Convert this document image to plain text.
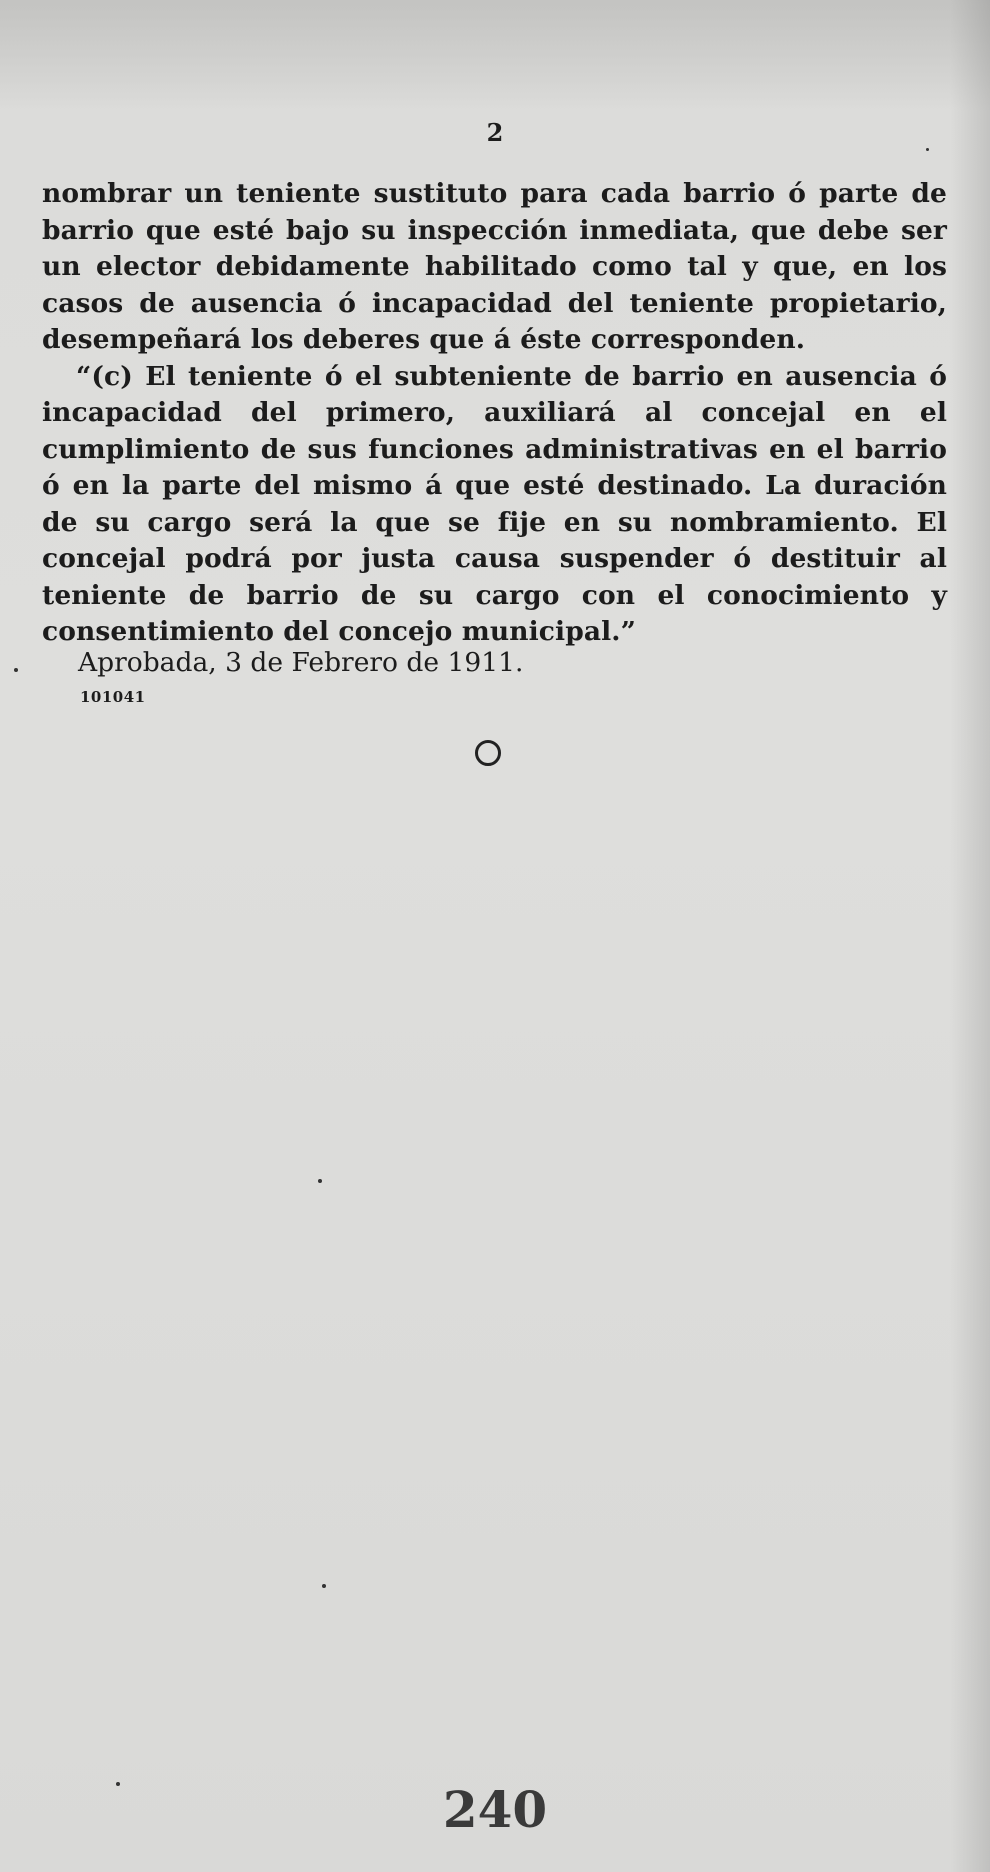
2

nombrar un teniente sustituto para cada barrio ó parte de barrio que esté bajo su inspección inmediata, que debe ser un elector debidamente habilitado como tal y que, en los casos de ausencia ó incapacidad del teniente propietario, desempeñará los deberes que á éste corresponden.

“(c) El teniente ó el subteniente de barrio en ausencia ó incapacidad del primero, auxiliará al concejal en el cumplimiento de sus funciones administrativas en el barrio ó en la parte del mismo á que esté destinado. La duración de su cargo será la que se fije en su nombramiento. El concejal podrá por justa causa suspender ó destituir al teniente de barrio de su cargo con el conocimiento y consentimiento del concejo municipal.”

Aprobada, 3 de Febrero de 1911.
101041
240
